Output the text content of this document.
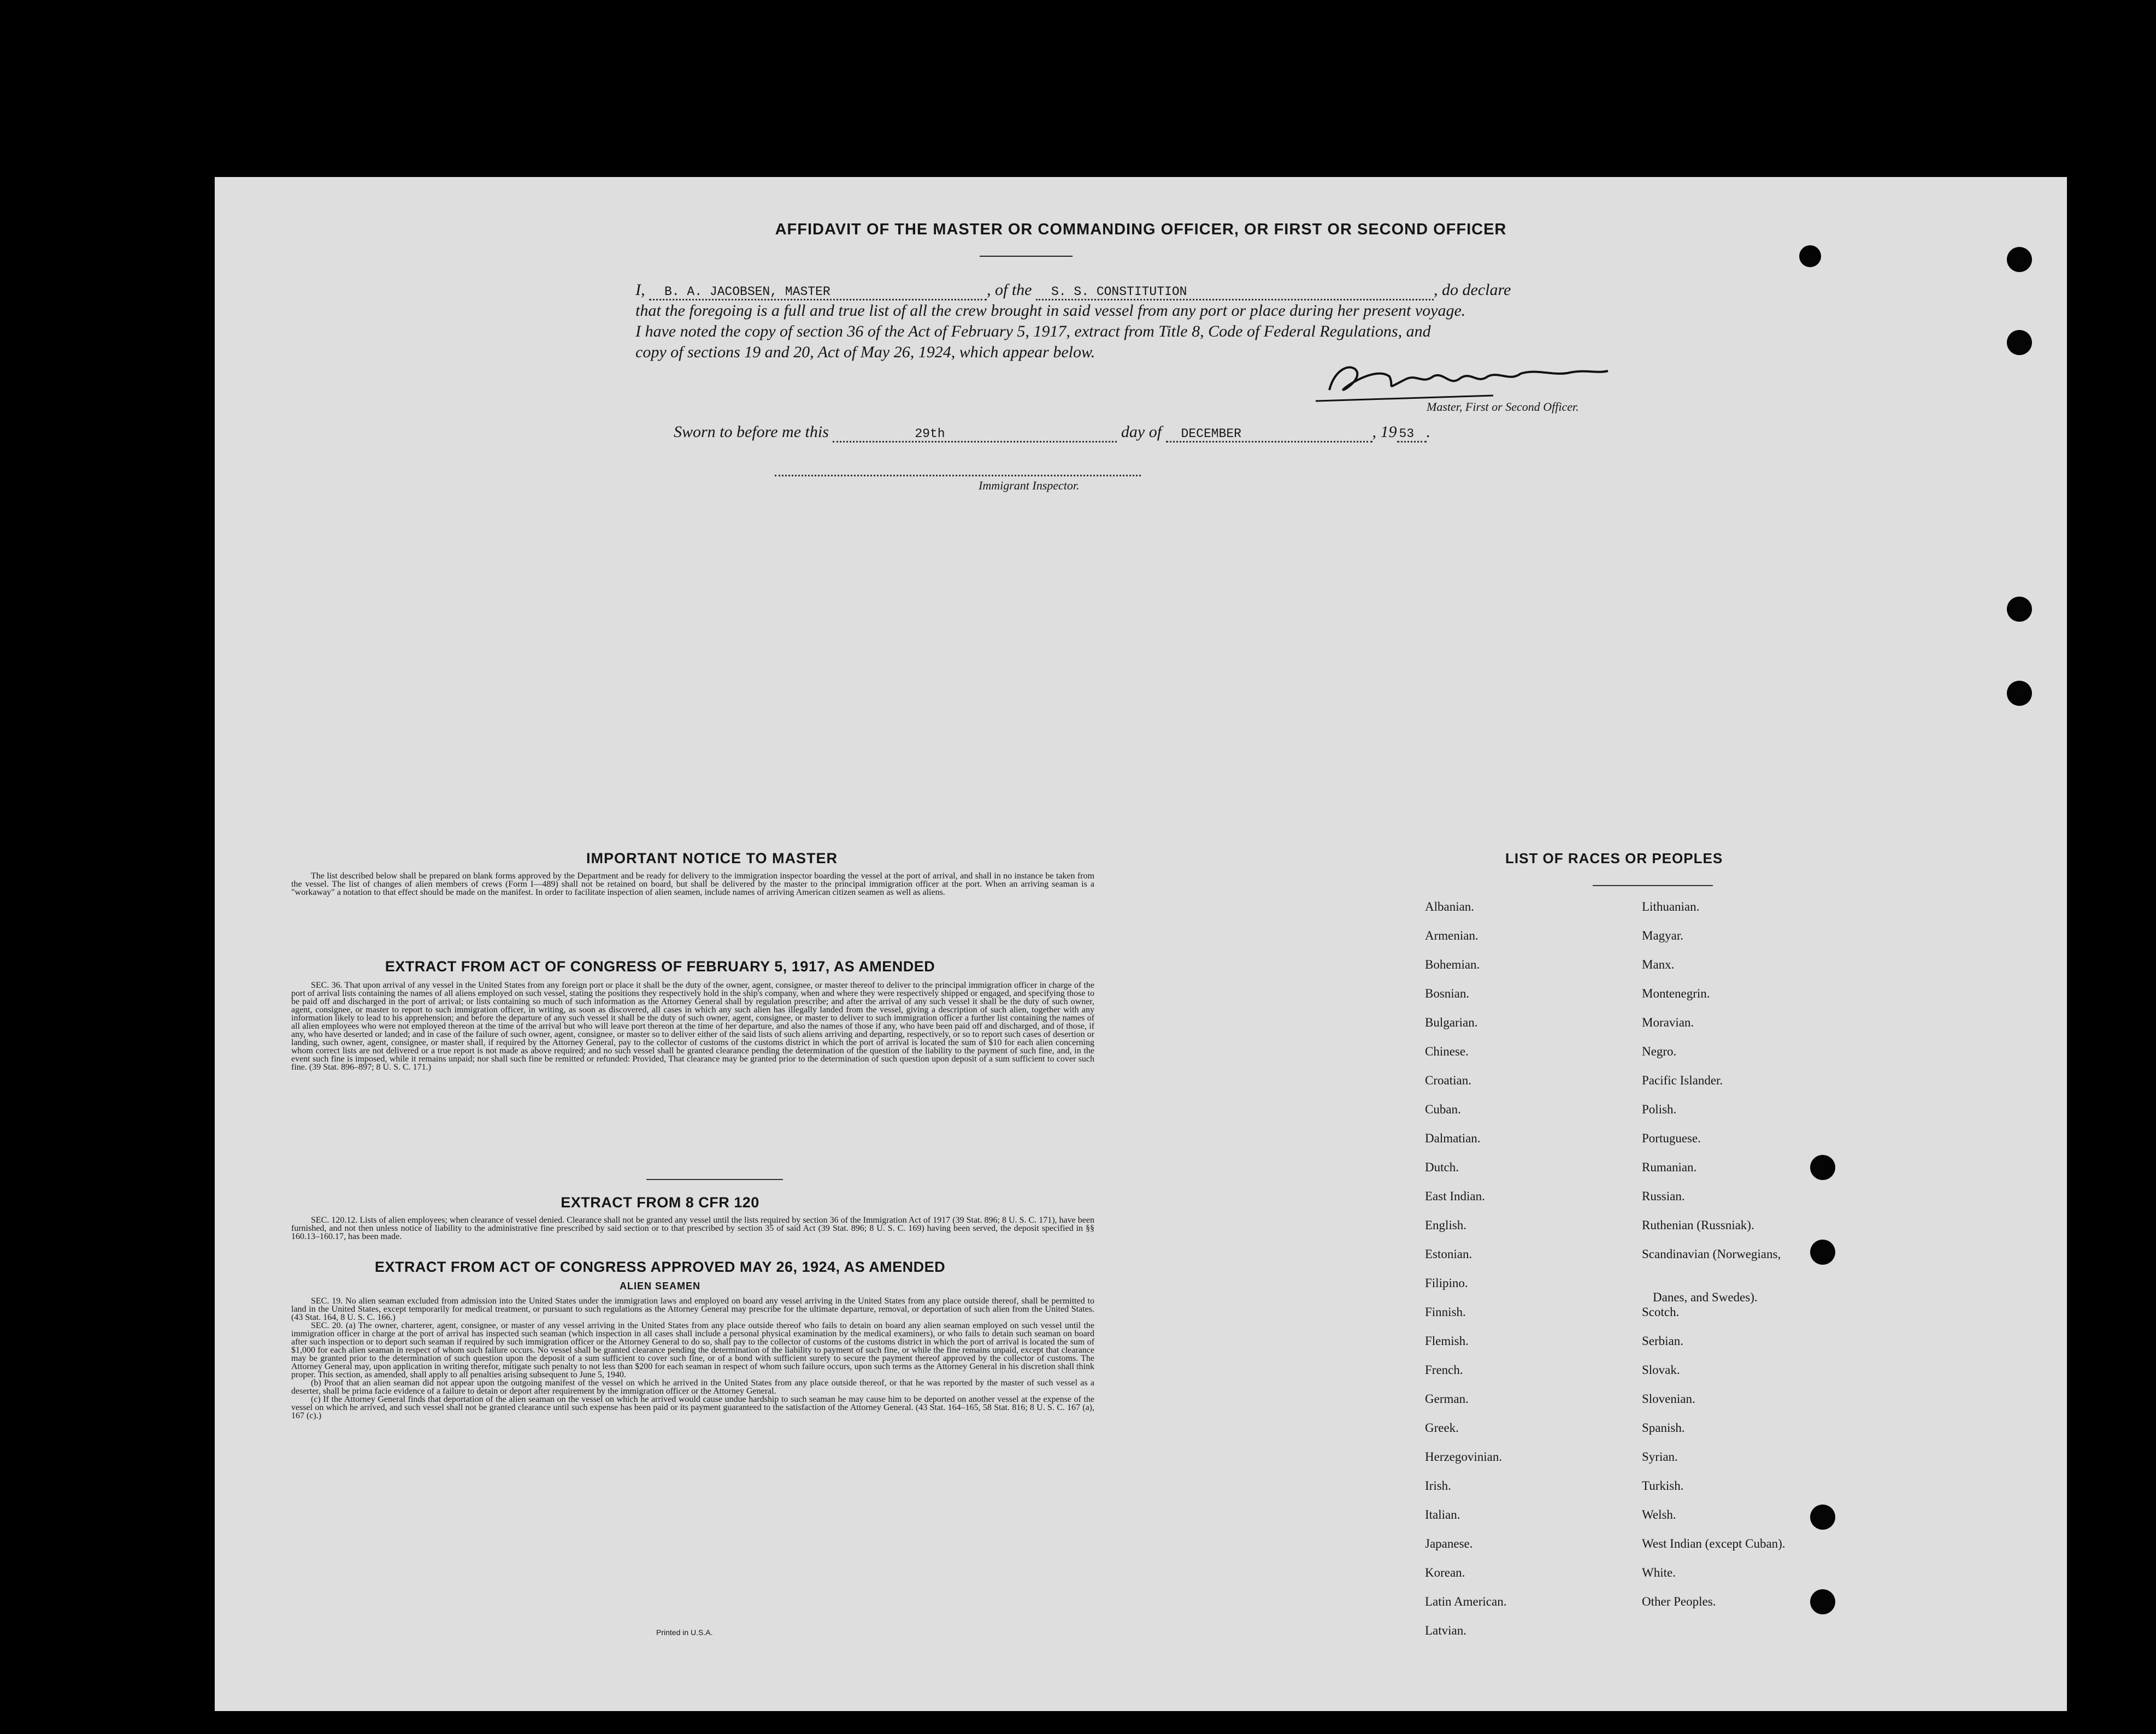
AFFIDAVIT OF THE MASTER OR COMMANDING OFFICER, OR FIRST OR SECOND OFFICER
I, B. A. JACOBSEN, MASTER	, of the S. S. CONSTITUTION	, do declare
that the foregoing is a full and true list of all the crew brought in said vessel from any port or place during her present voyage.
I have noted the copy of section 36 of the Act of February 5, 1917, extract from Title 8, Code of Federal Regulations, and
copy of sections 19 and 20, Act of May 26, 1924, which appear below.
Master, First or Second Officer.
Sworn to before me this	29th	day of DECEMBER	, 19 53 .
Immigrant Inspector.
IMPORTANT NOTICE TO MASTER

The list described below shall be prepared on blank forms approved by the Department and be ready for delivery to the immigration inspector boarding the vessel at the port of arrival, and shall in no instance be taken from the vessel. The list of changes of alien members of crews (Form I—489) shall not be retained on board, but shall be delivered by the master to the principal immigration officer at the port. When an arriving seaman is a "workaway" a notation to that effect should be made on the manifest. In order to facilitate inspection of alien seamen, include names of arriving American citizen seamen as well as aliens.

EXTRACT FROM ACT OF CONGRESS OF FEBRUARY 5, 1917, AS AMENDED

SEC. 36. That upon arrival of any vessel in the United States from any foreign port or place it shall be the duty of the owner, agent, consignee, or master thereof to deliver to the principal immigration officer in charge of the port of arrival lists containing the names of all aliens employed on such vessel, stating the positions they respectively hold in the ship's company, when and where they were respectively shipped or engaged, and specifying those to be paid off and discharged in the port of arrival; or lists containing so much of such information as the Attorney General shall by regulation prescribe; and after the arrival of any such vessel it shall be the duty of such owner, agent, consignee, or master to report to such immigration officer, in writing, as soon as discovered, all cases in which any such alien has illegally landed from the vessel, giving a description of such alien, together with any information likely to lead to his apprehension; and before the departure of any such vessel it shall be the duty of such owner, agent, consignee, or master to deliver to such immigration officer a further list containing the names of all alien employees who were not employed thereon at the time of the arrival but who will leave port thereon at the time of her departure, and also the names of those if any, who have been paid off and discharged, and of those, if any, who have deserted or landed; and in case of the failure of such owner, agent, consignee, or master so to deliver either of the said lists of such aliens arriving and departing, respectively, or so to report such cases of desertion or landing, such owner, agent, consignee, or master shall, if required by the Attorney General, pay to the collector of customs of the customs district in which the port of arrival is located the sum of $10 for each alien concerning whom correct lists are not delivered or a true report is not made as above required; and no such vessel shall be granted clearance pending the determination of the question of the liability to the payment of such fine, and, in the event such fine is imposed, while it remains unpaid; nor shall such fine be remitted or refunded: Provided, That clearance may be granted prior to the determination of such question upon deposit of a sum sufficient to cover such fine. (39 Stat. 896–897; 8 U. S. C. 171.)

EXTRACT FROM 8 CFR 120

SEC. 120.12. Lists of alien employees; when clearance of vessel denied. Clearance shall not be granted any vessel until the lists required by section 36 of the Immigration Act of 1917 (39 Stat. 896; 8 U. S. C. 171), have been furnished, and not then unless notice of liability to the administrative fine prescribed by said section or to that prescribed by section 35 of said Act (39 Stat. 896; 8 U. S. C. 169) having been served, the deposit specified in §§ 160.13–160.17, has been made.

EXTRACT FROM ACT OF CONGRESS APPROVED MAY 26, 1924, AS AMENDED
ALIEN SEAMEN

SEC. 19. No alien seaman excluded from admission into the United States under the immigration laws and employed on board any vessel arriving in the United States from any place outside thereof, shall be permitted to land in the United States, except temporarily for medical treatment, or pursuant to such regulations as the Attorney General may prescribe for the ultimate departure, removal, or deportation of such alien from the United States. (43 Stat. 164, 8 U. S. C. 166.)

SEC. 20. (a) The owner, charterer, agent, consignee, or master of any vessel arriving in the United States from any place outside thereof who fails to detain on board any alien seaman employed on such vessel until the immigration officer in charge at the port of arrival has inspected such seaman (which inspection in all cases shall include a personal physical examination by the medical examiners), or who fails to detain such seaman on board after such inspection or to deport such seaman if required by such immigration officer or the Attorney General to do so, shall pay to the collector of customs of the customs district in which the port of arrival is located the sum of $1,000 for each alien seaman in respect of whom such failure occurs. No vessel shall be granted clearance pending the determination of the liability to payment of such fine, or while the fine remains unpaid, except that clearance may be granted prior to the determination of such question upon the deposit of a sum sufficient to cover such fine, or of a bond with sufficient surety to secure the payment thereof approved by the collector of customs. The Attorney General may, upon application in writing therefor, mitigate such penalty to not less than $200 for each seaman in respect of whom such failure occurs, upon such terms as the Attorney General in his discretion shall think proper. This section, as amended, shall apply to all penalties arising subsequent to June 5, 1940.

(b) Proof that an alien seaman did not appear upon the outgoing manifest of the vessel on which he arrived in the United States from any place outside thereof, or that he was reported by the master of such vessel as a deserter, shall be prima facie evidence of a failure to detain or deport after requirement by the immigration officer or the Attorney General.

(c) If the Attorney General finds that deportation of the alien seaman on the vessel on which he arrived would cause undue hardship to such seaman he may cause him to be deported on another vessel at the expense of the vessel on which he arrived, and such vessel shall not be granted clearance until such expense has been paid or its payment guaranteed to the satisfaction of the Attorney General. (43 Stat. 164–165, 58 Stat. 816; 8 U. S. C. 167 (a), 167 (c).)

Printed in U.S.A.
LIST OF RACES OR PEOPLES
Albanian.
Armenian.
Bohemian.
Bosnian.
Bulgarian.
Chinese.
Croatian.
Cuban.
Dalmatian.
Dutch.
East Indian.
English.
Estonian.
Filipino.
Finnish.
Flemish.
French.
German.
Greek.
Herzegovinian.
Irish.
Italian.
Japanese.
Korean.
Latin American.
Latvian.
Lithuanian.
Magyar.
Manx.
Montenegrin.
Moravian.
Negro.
Pacific Islander.
Polish.
Portuguese.
Rumanian.
Russian.
Ruthenian (Russniak).
Scandinavian (Norwegians,
Danes, and Swedes).
Scotch.
Serbian.
Slovak.
Slovenian.
Spanish.
Syrian.
Turkish.
Welsh.
West Indian (except Cuban).
White.
Other Peoples.
